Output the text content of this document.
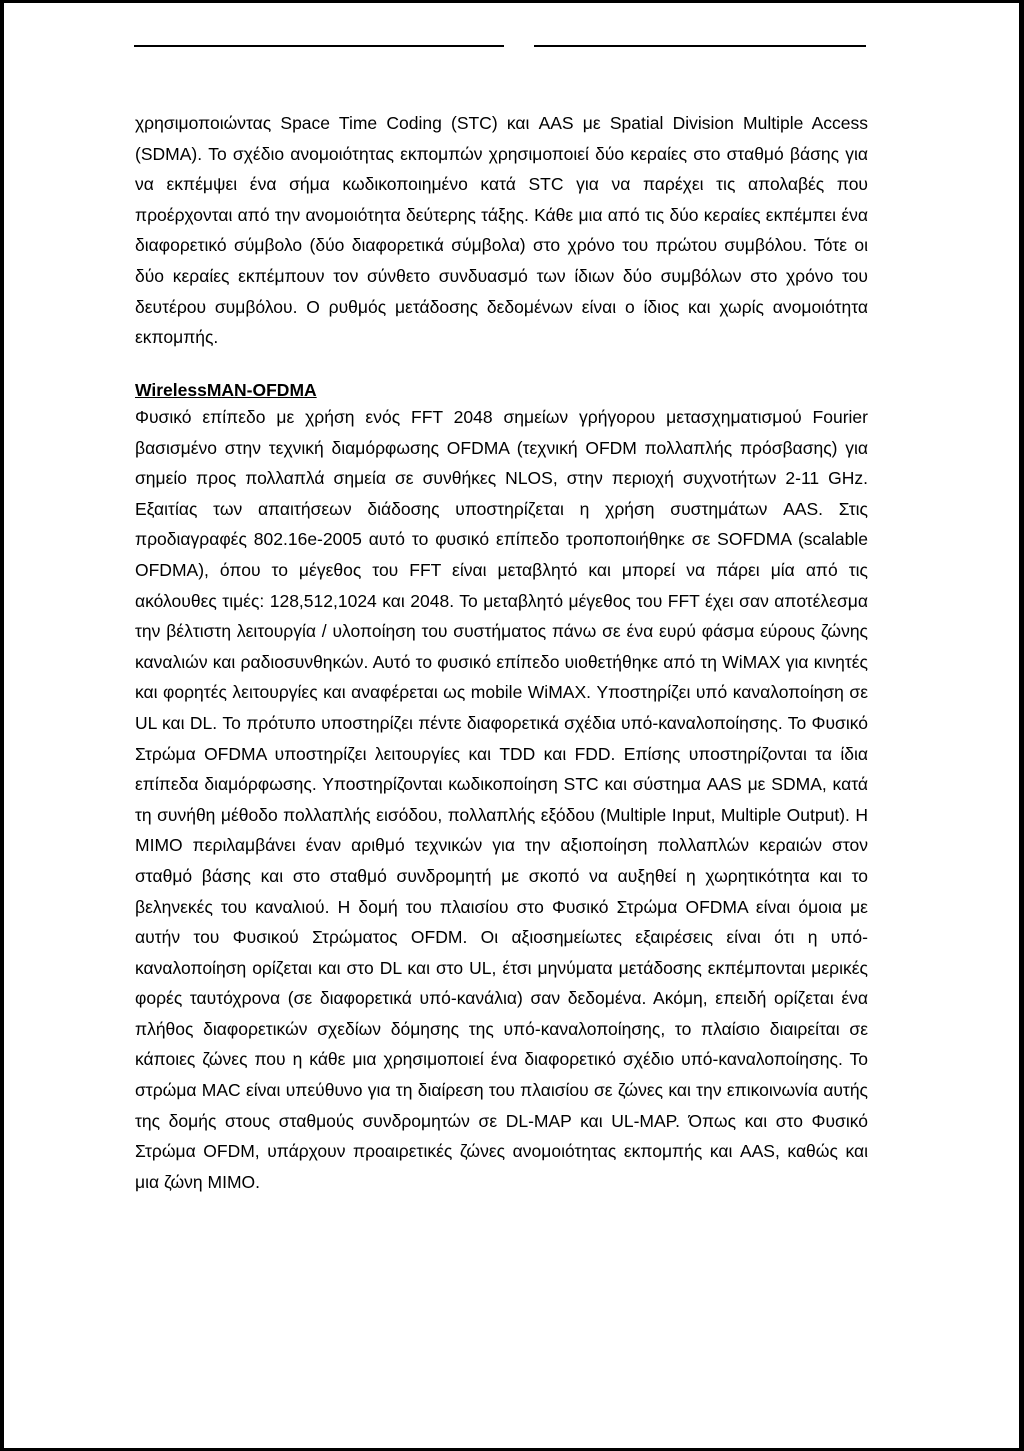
χρησιμοποιώντας Space Time Coding (STC) και AAS με Spatial Division Multiple Access (SDMA). Το σχέδιο ανομοιότητας εκπομπών χρησιμοποιεί δύο κεραίες στο σταθμό βάσης για να εκπέμψει ένα σήμα κωδικοποιημένο κατά STC για να παρέχει τις απολαβές που προέρχονται από την ανομοιότητα δεύτερης τάξης. Κάθε μια από τις δύο κεραίες εκπέμπει ένα διαφορετικό σύμβολο (δύο διαφορετικά σύμβολα) στο χρόνο του πρώτου συμβόλου. Τότε οι δύο κεραίες εκπέμπουν τον σύνθετο συνδυασμό των ίδιων δύο συμβόλων στο χρόνο του δευτέρου συμβόλου. Ο ρυθμός μετάδοσης δεδομένων είναι ο ίδιος και χωρίς ανομοιότητα εκπομπής.

WirelessMAN-OFDMA

Φυσικό επίπεδο με χρήση ενός FFT 2048 σημείων γρήγορου μετασχηματισμού Fourier βασισμένο στην τεχνική διαμόρφωσης OFDMA (τεχνική OFDM πολλαπλής πρόσβασης) για σημείο προς πολλαπλά σημεία σε συνθήκες NLOS, στην περιοχή συχνοτήτων 2-11 GHz. Εξαιτίας των απαιτήσεων διάδοσης υποστηρίζεται η χρήση συστημάτων AAS. Στις προδιαγραφές 802.16e-2005 αυτό το φυσικό επίπεδο τροποποιήθηκε σε SOFDMA (scalable OFDMA), όπου το μέγεθος του FFT είναι μεταβλητό και μπορεί να πάρει μία από τις ακόλουθες τιμές: 128,512,1024 και 2048. Το μεταβλητό μέγεθος του FFT έχει σαν αποτέλεσμα την βέλτιστη λειτουργία / υλοποίηση του συστήματος πάνω σε ένα ευρύ φάσμα εύρους ζώνης καναλιών και ραδιοσυνθηκών. Αυτό το φυσικό επίπεδο υιοθετήθηκε από τη WiMAX για κινητές και φορητές λειτουργίες και αναφέρεται ως mobile WiMAX. Υποστηρίζει υπό καναλοποίηση σε UL και DL. Το πρότυπο υποστηρίζει πέντε διαφορετικά σχέδια υπό-καναλοποίησης. Το Φυσικό Στρώμα OFDMA υποστηρίζει λειτουργίες και TDD και FDD. Επίσης υποστηρίζονται τα ίδια επίπεδα διαμόρφωσης. Υποστηρίζονται κωδικοποίηση STC και σύστημα AAS με SDMA, κατά τη συνήθη μέθοδο πολλαπλής εισόδου, πολλαπλής εξόδου (Multiple Input, Multiple Output). Η MIMO περιλαμβάνει έναν αριθμό τεχνικών για την αξιοποίηση πολλαπλών κεραιών στον σταθμό βάσης και στο σταθμό συνδρομητή με σκοπό να αυξηθεί η χωρητικότητα και το βεληνεκές του καναλιού. Η δομή του πλαισίου στο Φυσικό Στρώμα OFDMA είναι όμοια με αυτήν του Φυσικού Στρώματος OFDM. Οι αξιοσημείωτες εξαιρέσεις είναι ότι η υπό-καναλοποίηση ορίζεται και στο DL και στο UL, έτσι μηνύματα μετάδοσης εκπέμπονται μερικές φορές ταυτόχρονα (σε διαφορετικά υπό-κανάλια) σαν δεδομένα. Ακόμη, επειδή ορίζεται ένα πλήθος διαφορετικών σχεδίων δόμησης της υπό-καναλοποίησης, το πλαίσιο διαιρείται σε κάποιες ζώνες που η κάθε μια χρησιμοποιεί ένα διαφορετικό σχέδιο υπό-καναλοποίησης. Το στρώμα MAC είναι υπεύθυνο για τη διαίρεση του πλαισίου σε ζώνες και την επικοινωνία αυτής της δομής στους σταθμούς συνδρομητών σε DL-MAP και UL-MAP. Όπως και στο Φυσικό Στρώμα OFDM, υπάρχουν προαιρετικές ζώνες ανομοιότητας εκπομπής και AAS, καθώς και μια ζώνη MIMO.
